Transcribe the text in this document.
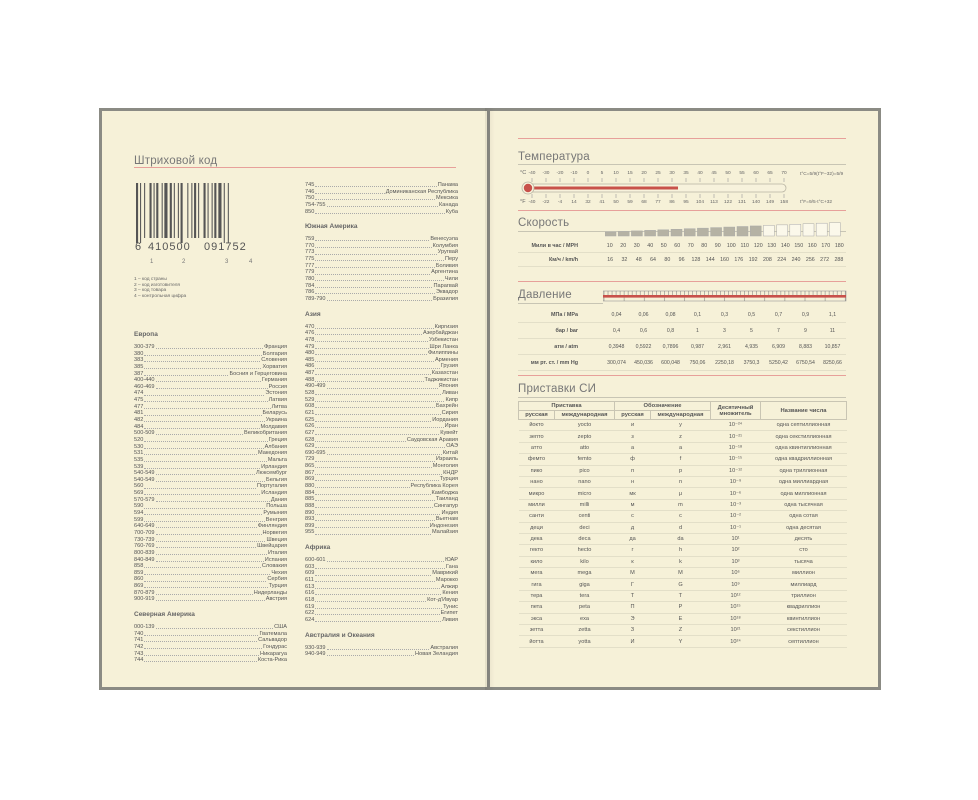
Штриховой код
6 410500 091752
1	2	3	4
1 – код страны
2 – код изготовителя
3 – код товара
4 – контрольная цифра
Европа
300-379	Франция
380	Болгария
383	Словения
385	Хорватия
387	Босния и Герцеговина
400-440	Германия
460-469	Россия
474	Эстония
475	Латвия
477	Литва
481	Беларусь
482	Украина
484	Молдавия
500-509	Великобритания
520	Греция
530	Албания
531	Македония
535	Мальта
539	Ирландия
540-549	Люксембург
540-549	Бельгия
560	Португалия
569	Исландия
570-579	Дания
590	Польша
594	Румыния
599	Венгрия
640-649	Финляндия
700-709	Норвегия
730-739	Швеция
760-769	Швейцария
800-839	Италия
840-849	Испания
858	Словакия
859	Чехия
860	Сербия
869	Турция
870-879	Нидерланды
900-919	Австрия
Северная Америка
000-139	США
740	Гватемала
741	Сальвадор
742	Гондурас
743	Никарагуа
744	Коста-Рика
745	Панама
746	Доминиканская Республика
750	Мексика
754-755	Канада
850	Куба
Южная Америка
759	Венесуэла
770	Колумбия
773	Уругвай
775	Перу
777	Боливия
779	Аргентина
780	Чили
784	Парагвай
786	Эквадор
789-790	Бразилия
Азия
470	Киргизия
476	Азербайджан
478	Узбекистан
479	Шри Ланка
480	Филиппины
485	Армения
486	Грузия
487	Казахстан
488	Таджикистан
490-499	Япония
528	Ливан
529	Кипр
608	Бахрейн
621	Сирия
625	Иордания
626	Иран
627	Кувейт
628	Саудовская Аравия
629	ОАЭ
690-695	Китай
729	Израиль
865	Монголия
867	КНДР
869	Турция
880	Республика Корея
884	Камбоджа
885	Таиланд
888	Сингапур
890	Индия
893	Вьетнам
899	Индонезия
955	Малайзия
Африка
600-601	ЮАР
603	Гана
609	Маврикий
611	Марокко
613	Алжир
616	Кения
618	Кот-д'Ивуар
619	Тунис
622	Египет
624	Ливия
Австралия и Океания
930-939	Австралия
940-949	Новая Зеландия
Температура
°C
°F
-40 -30 -20 -10 0 5 10 15 20 25 30 35 40 45 50 55 60 65 70
-40 -22 -4 14 32 41 50 59 68 77 86 95 104 113 122 131 140 149 158
t°C=5/9(t°F−32)=5/9
t°F=9/5·t°C+32
Скорость
Мили в час / MPH	10	20	30	40	50	60	70	80	90	100 110 120 130 140 150 160 170 180
Км/ч / km/h	16	32	48	64	80	96	128	144	160	176	192	208	224	240	256	272	288
Давление
МПа / MPa	0,04	0,06	0,08	0,1	0,3	0,5	0,7	0,9	1,1
бар / bar	0,4	0,6	0,8	1	3	5	7	9	11
атм / atm	0,3948	0,5922	0,7896	0,987	2,961	4,935	6,909	8,883	10,857
мм рт. ст. / mm Hg	300,074	450,036	600,048	750,06	2250,18	3750,3	5250,42	6750,54	8250,66
Приставки СИ
Приставка		Обозначение		Десятичный множитель	Название числа
русская	международная	русская	международная		
йокто	yocto	и	y	10⁻²⁴	одна септиллионная
зепто	zepto	з	z	10⁻²¹	одна секстиллионная
атто	atto	а	a	10⁻¹⁸	одна квинтиллионная
фемто	femto	ф	f	10⁻¹⁵	одна квадриллионная
пико	pico	п	p	10⁻¹²	одна триллионная
нано	nano	н	n	10⁻⁹	одна миллиардная
микро	micro	мк	μ	10⁻⁶	одна миллионная
милли	milli	м	m	10⁻³	одна тысячная
санти	centi	с	c	10⁻²	одна сотая
деци	deci	д	d	10⁻¹	одна десятая
дека	deca	да	da	10¹	десять
гекто	hecto	г	h	10²	сто
кило	kilo	к	k	10³	тысяча
мега	mega	М	M	10⁶	миллион
гига	giga	Г	G	10⁹	миллиард
тера	tera	Т	T	10¹²	триллион
пета	peta	П	P	10¹⁵	квадриллион
экса	exa	Э	E	10¹⁸	квинтиллион
зетта	zetta	З	Z	10²¹	секстиллион
йотта	yotta	И	Y	10²⁴	септиллион
